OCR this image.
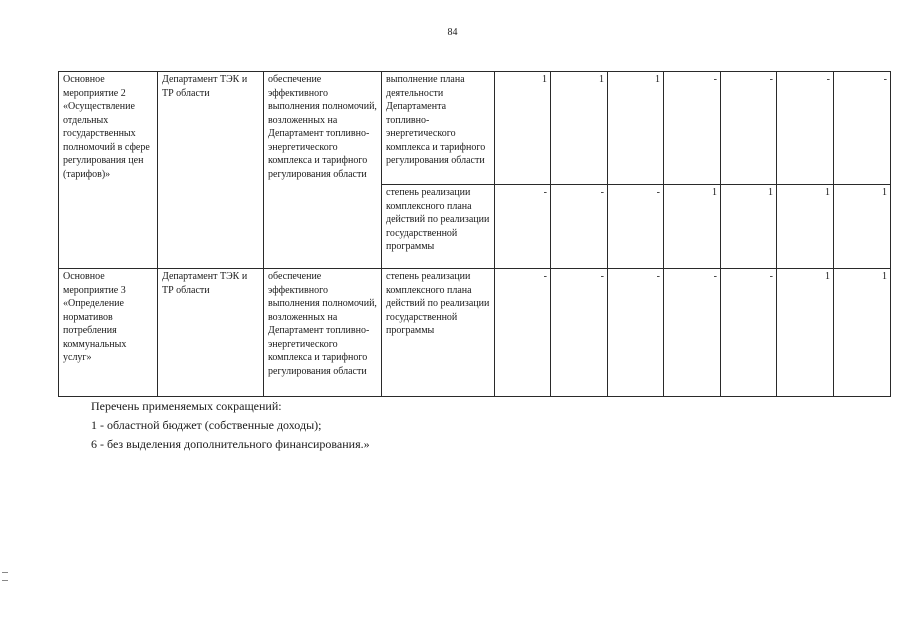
84
Основное мероприятие 2 «Осуществление отдельных государственных полномочий в сфере регулирования цен (тарифов)»	Департамент ТЭК и ТР области	обеспечение эффективного выполнения полномочий, возложенных на Департамент топливно-энергетического комплекса и тарифного регулирования области	выполнение плана деятельности Департамента топливно-энергетического комплекса и тарифного регулирования области	1	1	1	-	-	-	-
			степень реализации комплексного плана действий по реализации государственной программы	-	-	-	1	1	1	1
Основное мероприятие 3 «Определение нормативов потребления коммунальных услуг»	Департамент ТЭК и ТР области	обеспечение эффективного выполнения полномочий, возложенных на Департамент топливно-энергетического комплекса и тарифного регулирования области	степень реализации комплексного плана действий по реализации государственной программы	-	-	-	-	-	1	1
Перечень применяемых сокращений:
1 - областной бюджет (собственные доходы);
6 - без выделения дополнительного финансирования.»
